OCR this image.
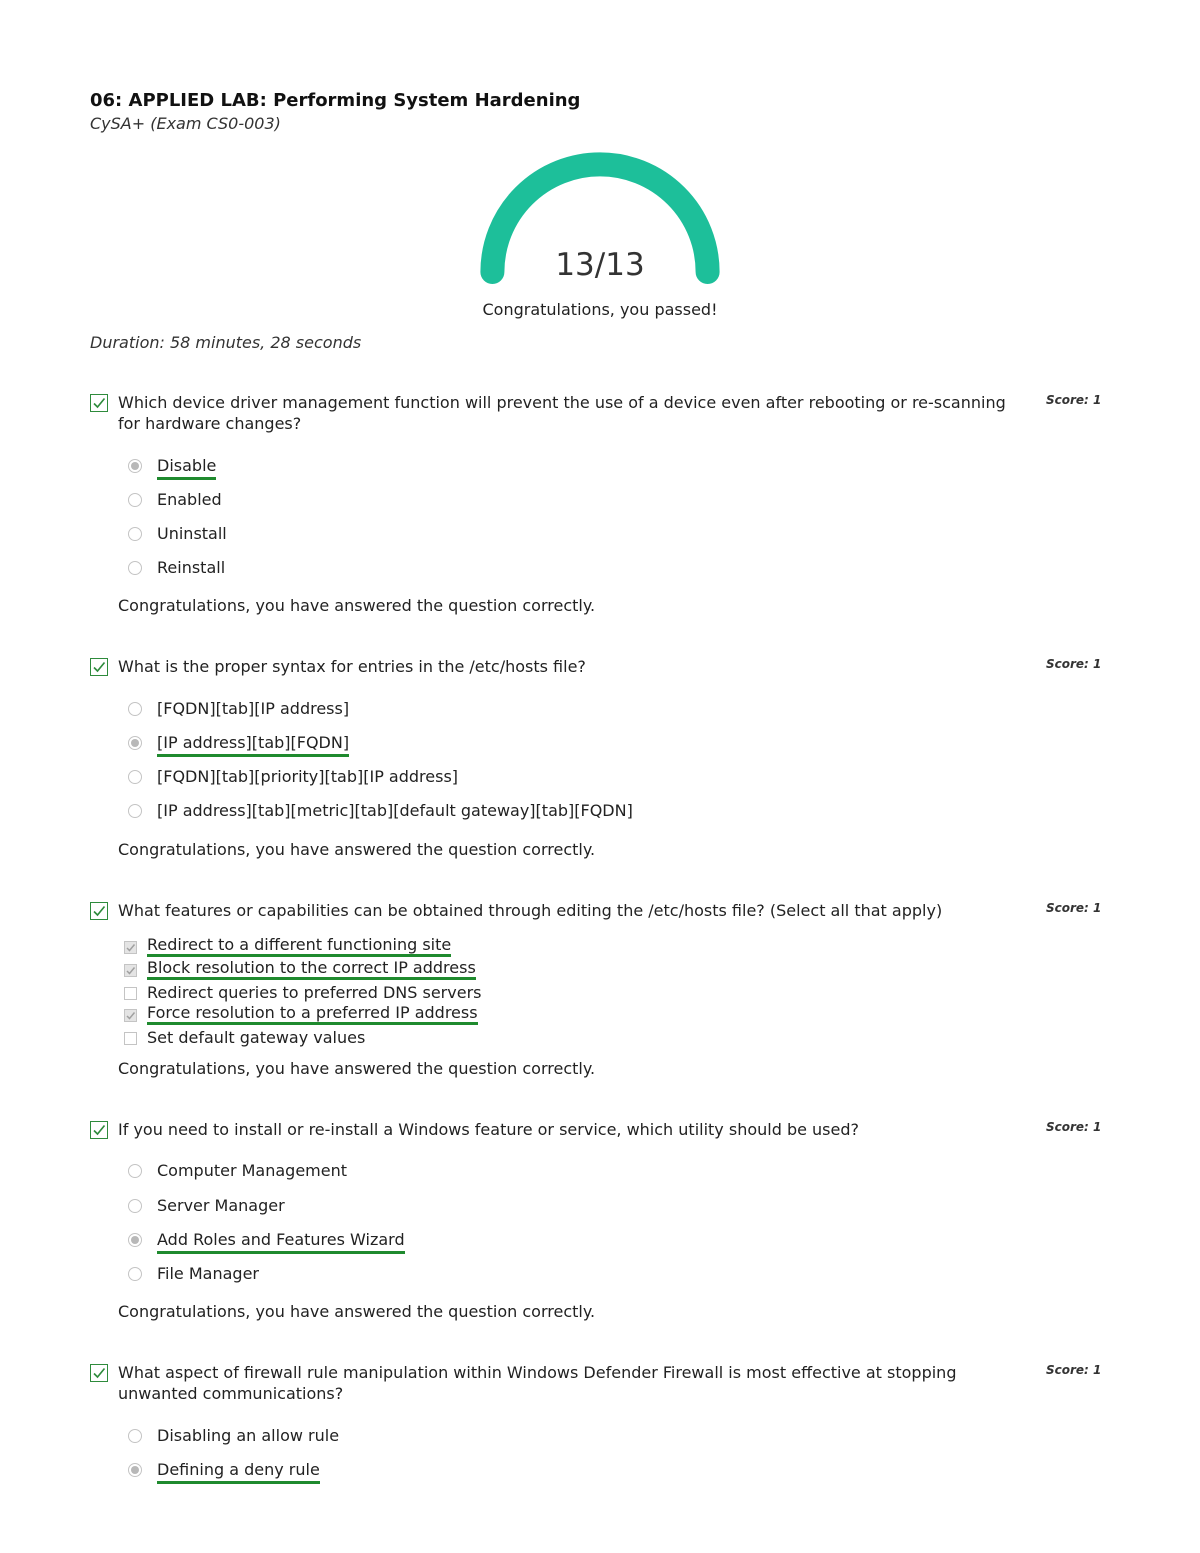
06: APPLIED LAB: Performing System Hardening
CySA+ (Exam CS0-003)
13/13
Congratulations, you passed!
Duration: 58 minutes, 28 seconds
Which device driver management function will prevent the use of a device even after rebooting or re-scanning for hardware changes?
Score: 1
Disable
Enabled
Uninstall
Reinstall
Congratulations, you have answered the question correctly.
What is the proper syntax for entries in the /etc/hosts file?	Score: 1
[FQDN][tab][IP address]
[IP address][tab][FQDN]
[FQDN][tab][priority][tab][IP address]
[IP address][tab][metric][tab][default gateway][tab][FQDN]
Congratulations, you have answered the question correctly.
What features or capabilities can be obtained through editing the /etc/hosts file? (Select all that apply)	Score: 1
Redirect to a different functioning site
Block resolution to the correct IP address
Redirect queries to preferred DNS servers
Force resolution to a preferred IP address
Set default gateway values
Congratulations, you have answered the question correctly.
If you need to install or re-install a Windows feature or service, which utility should be used?	Score: 1
Computer Management
Server Manager
Add Roles and Features Wizard
File Manager
Congratulations, you have answered the question correctly.
What aspect of firewall rule manipulation within Windows Defender Firewall is most effective at stopping unwanted communications?
Score: 1
Disabling an allow rule
Defining a deny rule
